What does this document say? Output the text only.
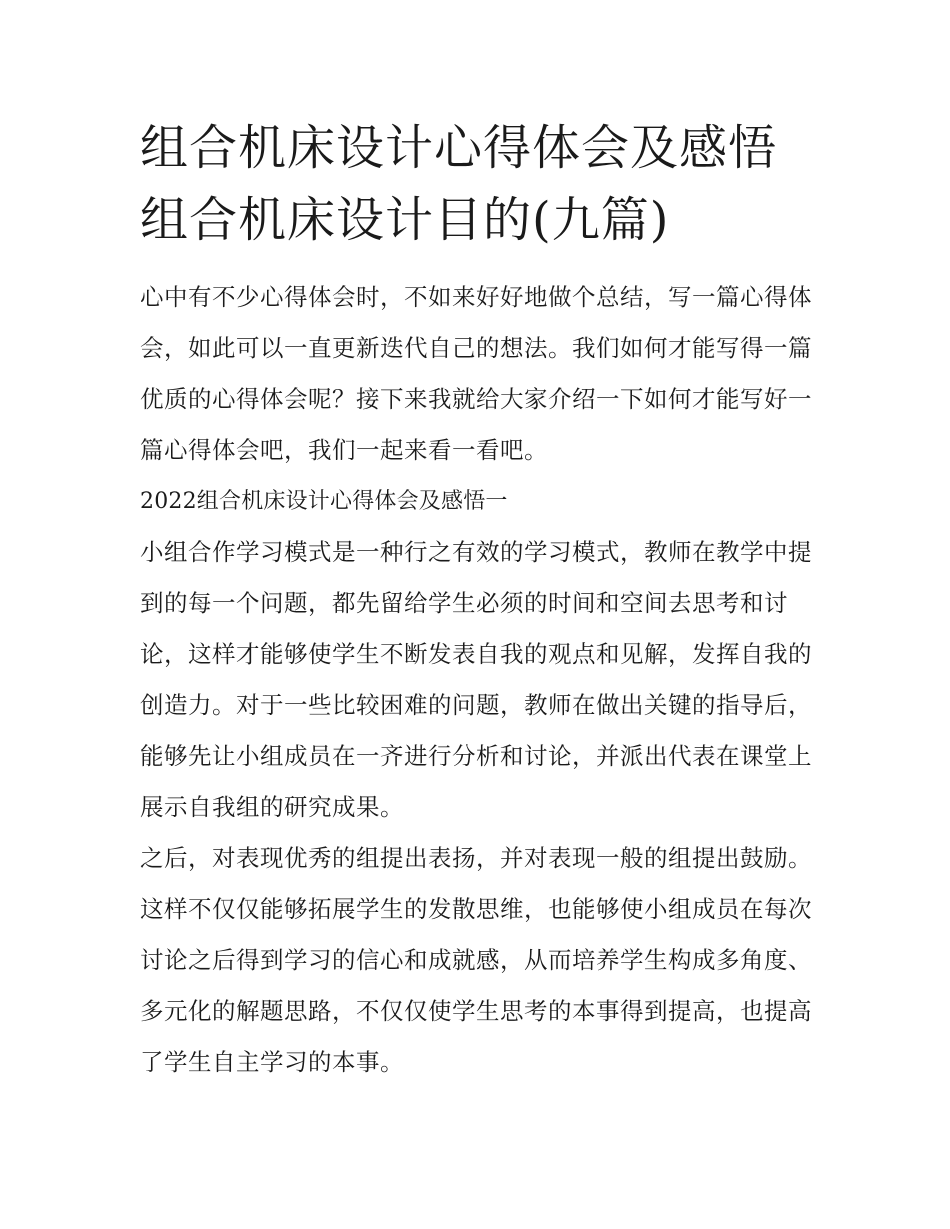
组合机床设计心得体会及感悟
组合机床设计目的(九篇)

心中有不少心得体会时，不如来好好地做个总结，写一篇心得体会，如此可以一直更新迭代自己的想法。我们如何才能写得一篇优质的心得体会呢？接下来我就给大家介绍一下如何才能写好一篇心得体会吧，我们一起来看一看吧。

2022组合机床设计心得体会及感悟一

小组合作学习模式是一种行之有效的学习模式，教师在教学中提到的每一个问题，都先留给学生必须的时间和空间去思考和讨论，这样才能够使学生不断发表自我的观点和见解，发挥自我的创造力。对于一些比较困难的问题，教师在做出关键的指导后，能够先让小组成员在一齐进行分析和讨论，并派出代表在课堂上展示自我组的研究成果。

之后，对表现优秀的组提出表扬，并对表现一般的组提出鼓励。这样不仅仅能够拓展学生的发散思维，也能够使小组成员在每次讨论之后得到学习的信心和成就感，从而培养学生构成多角度、多元化的解题思路，不仅仅使学生思考的本事得到提高，也提高了学生自主学习的本事。
